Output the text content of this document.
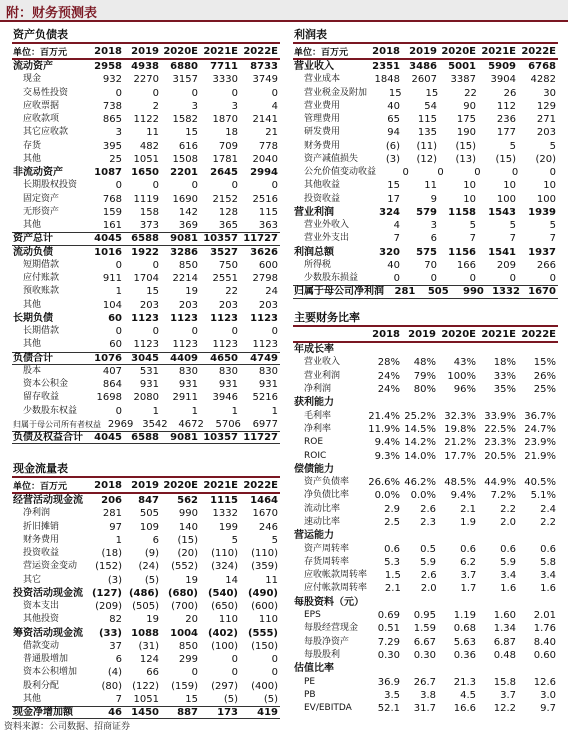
附：财务预测表
资产负债表
单位：百万元	2018 2019 2020E 2021E 2022E
流动资产	2958 4938	6880	7711	8733
现金	932	2270	3157	3330	3749
交易性投资	0	0	0	0	0
应收票据	738	2	3	3	4
应收款项	865	1122	1582	1870	2141
其它应收款	3	11	15	18	21
存货	395	482	616	709	778
其他	25	1051	1508	1781	2040
非流动资产	1087 1650	2201	2645	2994
长期股权投资	0	0	0	0	0
固定资产	768	1119	1690	2152	2516
无形资产	159	158	142	128	115
其他	161	373	369	365	363
资产总计	4045 6588	9081 10357 11727
流动负债	1016 1922	3286	3527	3626
短期借款	0	0	850	750	600
应付账款	911	1704	2214	2551	2798
预收账款	1	15	19	22	24
其他	104	203	203	203	203
长期负债	60 1123	1123	1123	1123
长期借款	0	0	0	0	0
其他	60	1123	1123	1123	1123
负债合计	1076 3045	4409	4650	4749
股本	407	531	830	830	830
资本公积金	864	931	931	931	931
留存收益	1698	2080	2911	3946	5216
少数股东权益	0	1	1	1	1
归属于母公司所有者权益 2969 3542	4672	5706	6977
负债及权益合计	4045 6588	9081 10357 11727
现金流量表
单位：百万元	2018 2019 2020E 2021E 2022E
经营活动现金流	206	847	562	1115	1464
净利润	281	505	990	1332	1670
折旧摊销	97	109	140	199	246
财务费用	1	6	(15)	5	5
投资收益	(18)	(9)	(20)	(110)	(110)
营运资金变动	(152)	(24)	(552)	(324)	(359)
其它	(3)	(5)	19	14	11
投资活动现金流 (127) (486) (680) (540) (490)
资本支出	(209)	(505)	(700)	(650)	(600)
其他投资	82	19	20	110	110
筹资活动现金流	(33) 1088	1004 (402) (555)
借款变动	37	(31)	850	(100)	(150)
普通股增加	6	124	299	0	0
资本公积增加	(4)	66	0	0	0
股利分配	(80)	(122)	(159)	(297)	(400)
其他	7	1051	15	(5)	(5)
现金净增加额	46 1450	887	173	419
利润表
单位：百万元	2018 2019 2020E 2021E 2022E
营业收入	2351 3486	5001	5909	6768
营业成本	1848	2607	3387	3904	4282
营业税金及附加	15	15	22	26	30
营业费用	40	54	90	112	129
管理费用	65	115	175	236	271
研发费用	94	135	190	177	203
财务费用	(6)	(11)	(15)	5	5
资产减值损失	(3)	(12)	(13)	(15)	(20)
公允价值变动收益	0	0	0	0	0
其他收益	15	11	10	10	10
投资收益	17	9	10	100	100
营业利润	324	579	1158	1543	1939
营业外收入	4	3	5	5	5
营业外支出	7	6	7	7	7
利润总额	320	575	1156	1541	1937
所得税	40	70	166	209	266
少数股东损益	0	0	0	0	0
归属于母公司净利润	281	505	990 1332 1670
主要财务比率
2018 2019 2020E 2021E 2022E
年成长率
营业收入	28%	48%	43%	18%	15%
营业利润	24%	79%	100%	33%	26%
净利润	24%	80%	96%	35%	25%
获利能力
毛利率	21.4% 25.2% 32.3% 33.9% 36.7%
净利率	11.9% 14.5% 19.8% 22.5% 24.7%
ROE	9.4% 14.2% 21.2% 23.3% 23.9%
ROIC	9.3% 14.0% 17.7% 20.5% 21.9%
偿债能力
资产负债率	26.6% 46.2% 48.5% 44.9% 40.5%
净负债比率	0.0%	0.0%	9.4%	7.2%	5.1%
流动比率	2.9	2.6	2.1	2.2	2.4
速动比率	2.5	2.3	1.9	2.0	2.2
营运能力
资产周转率	0.6	0.5	0.6	0.6	0.6
存货周转率	5.3	5.9	6.2	5.9	5.8
应收帐款周转率	1.5	2.6	3.7	3.4	3.4
应付帐款周转率	2.1	2.0	1.7	1.6	1.6
每股资料（元）
EPS	0.69	0.95	1.19	1.60	2.01
每股经营现金	0.51	1.59	0.68	1.34	1.76
每股净资产	7.29	6.67	5.63	6.87	8.40
每股股利	0.30	0.30	0.36	0.48	0.60
估值比率
PE	36.9	26.7	21.3	15.8	12.6
PB	3.5	3.8	4.5	3.7	3.0
EV/EBITDA	52.1	31.7	16.6	12.2	9.7
资料来源：公司数据、招商证券
